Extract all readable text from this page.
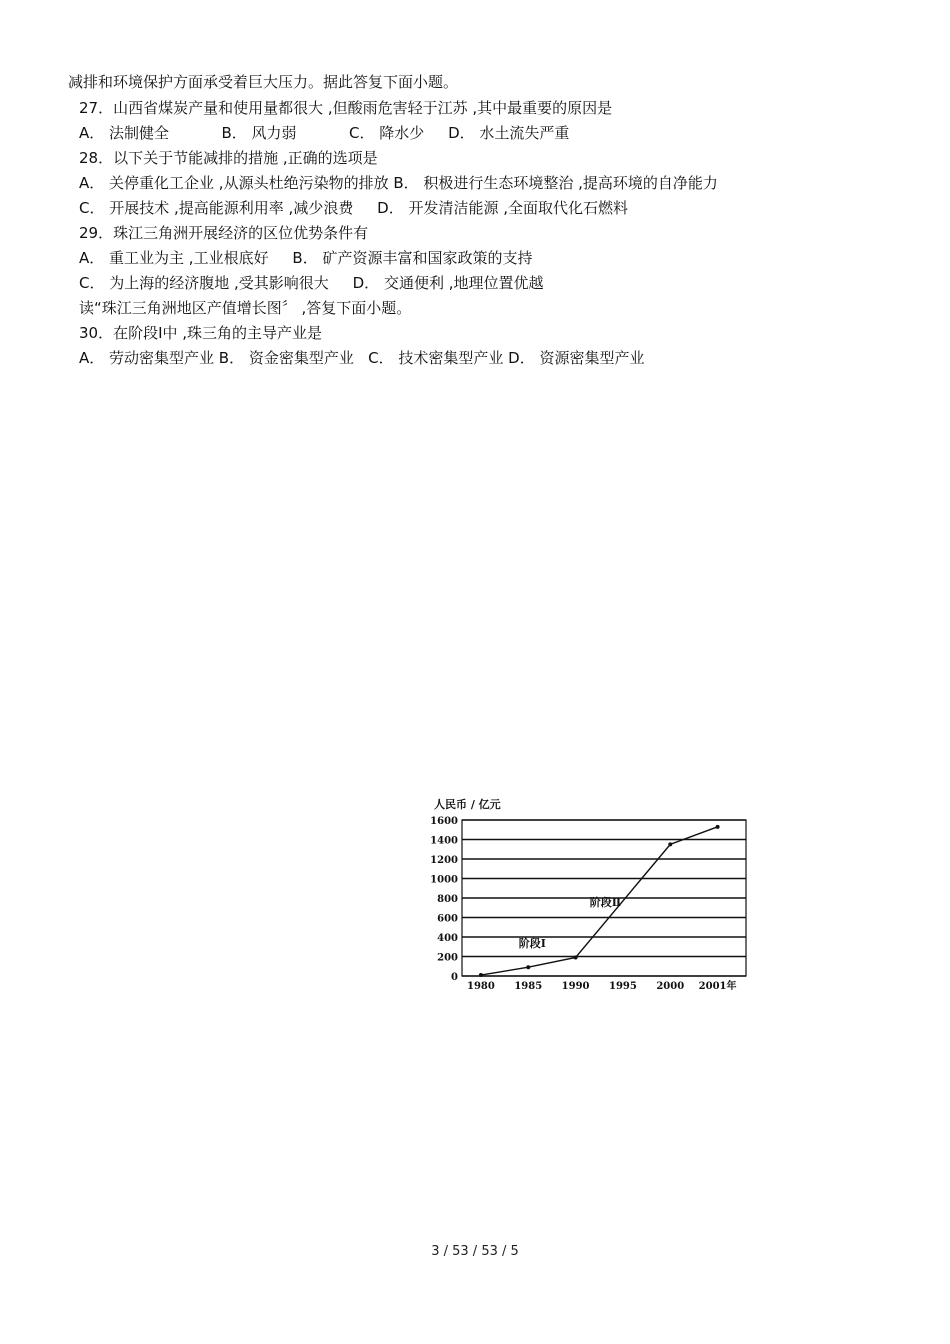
减排和环境保护方面承受着巨大压力。据此答复下面小题。
27．山西省煤炭产量和使用量都很大 ,但酸雨危害轻于江苏 ,其中最重要的原因是
A． 法制健全           B． 风力弱           C． 降水少     D． 水土流失严重
28．以下关于节能减排的措施 ,正确的选项是
A． 关停重化工企业 ,从源头杜绝污染物的排放 B． 积极进行生态环境整治 ,提高环境的自净能力
C． 开展技术 ,提高能源利用率 ,减少浪费     D． 开发清洁能源 ,全面取代化石燃料
29．珠江三角洲开展经济的区位优势条件有
A． 重工业为主 ,工业根底好     B． 矿产资源丰富和国家政策的支持
C． 为上海的经济腹地 ,受其影响很大     D． 交通便利 ,地理位置优越
读“珠江三角洲地区产值增长图〞 ,答复下面小题。
30．在阶段Ⅰ中 ,珠三角的主导产业是
A． 劳动密集型产业 B． 资金密集型产业   C． 技术密集型产业 D． 资源密集型产业
0
200
400
600
800
1000
1200
1400
1600
1980 1985 1990 1995 2000 2001年
人民币 / 亿元
阶段Ⅰ
阶段Ⅱ
3 / 53 / 53 / 5
